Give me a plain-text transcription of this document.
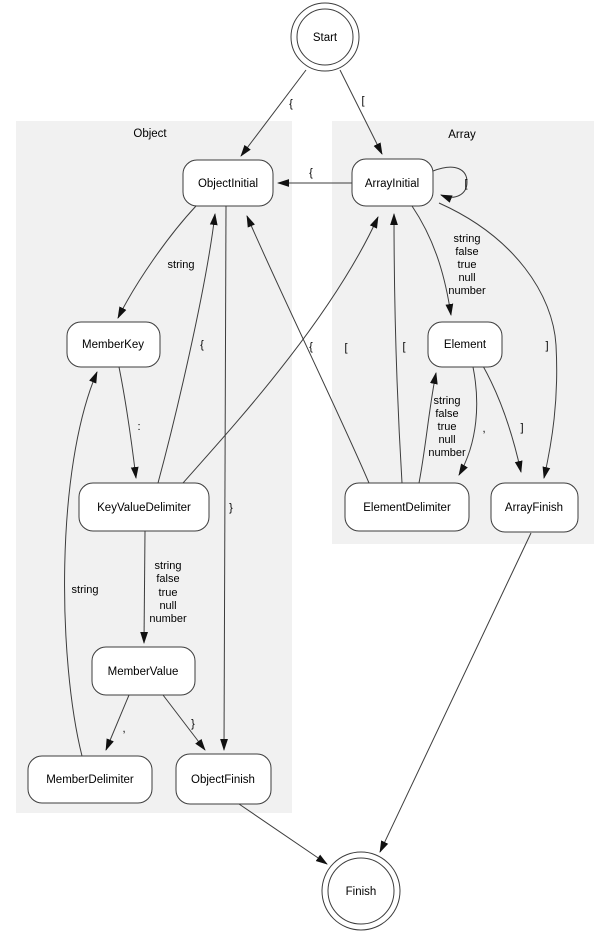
Object	Array
{	[
{
[
string
}
:
string
false
true
null
number
{	[
,	}
string
string
false
true
null
number
]
,
string
false
true
null
number
]
{	[
Start
ObjectInitial	ArrayInitial
MemberKey	Element
KeyValueDelimiter	ElementDelimiter	ArrayFinish
MemberValue
MemberDelimiter	ObjectFinish
Finish
